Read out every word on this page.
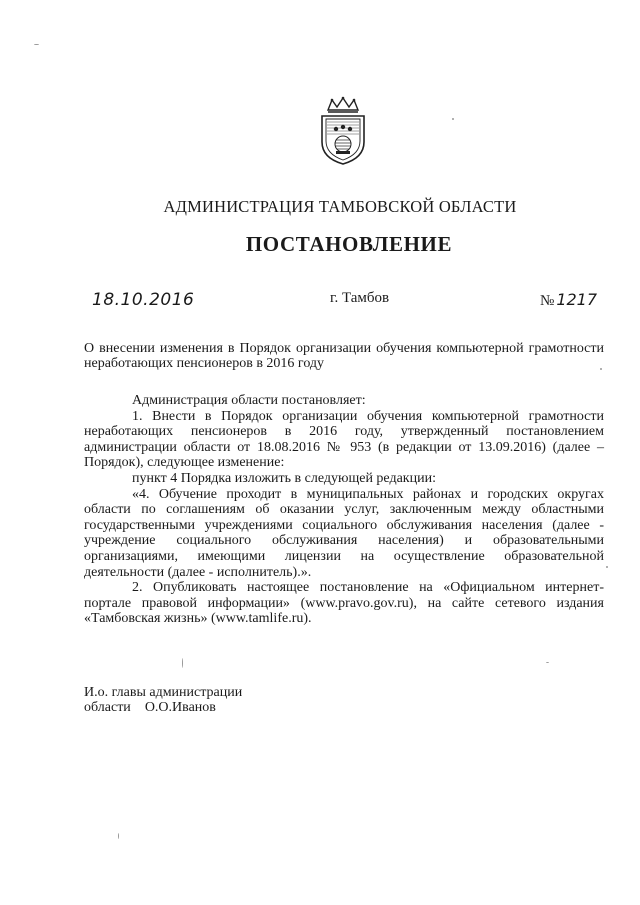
АДМИНИСТРАЦИЯ ТАМБОВСКОЙ ОБЛАСТИ
ПОСТАНОВЛЕНИЕ
18.10.2016	г. Тамбов	№ 1217
О внесении изменения в Порядок организации обучения компьютерной грамотности неработающих пенсионеров в 2016 году

Администрация области постановляет:

1. Внести в Порядок организации обучения компьютерной грамотности неработающих пенсионеров в 2016 году, утвержденный постановлением администрации области от 18.08.2016 № 953 (в редакции от 13.09.2016) (далее – Порядок), следующее изменение:

пункт 4 Порядка изложить в следующей редакции:

«4. Обучение проходит в муниципальных районах и городских округах области по соглашениям об оказании услуг, заключенным между областными государственными учреждениями социального обслуживания населения (далее - учреждение социального обслуживания населения) и образовательными организациями, имеющими лицензии на осуществление образовательной деятельности (далее - исполнитель).».

2. Опубликовать настоящее постановление на «Официальном интернет-портале правовой информации» (www.pravo.gov.ru), на сайте сетевого издания «Тамбовская жизнь» (www.tamlife.ru).

И.о. главы администрации
области О.О.Иванов
